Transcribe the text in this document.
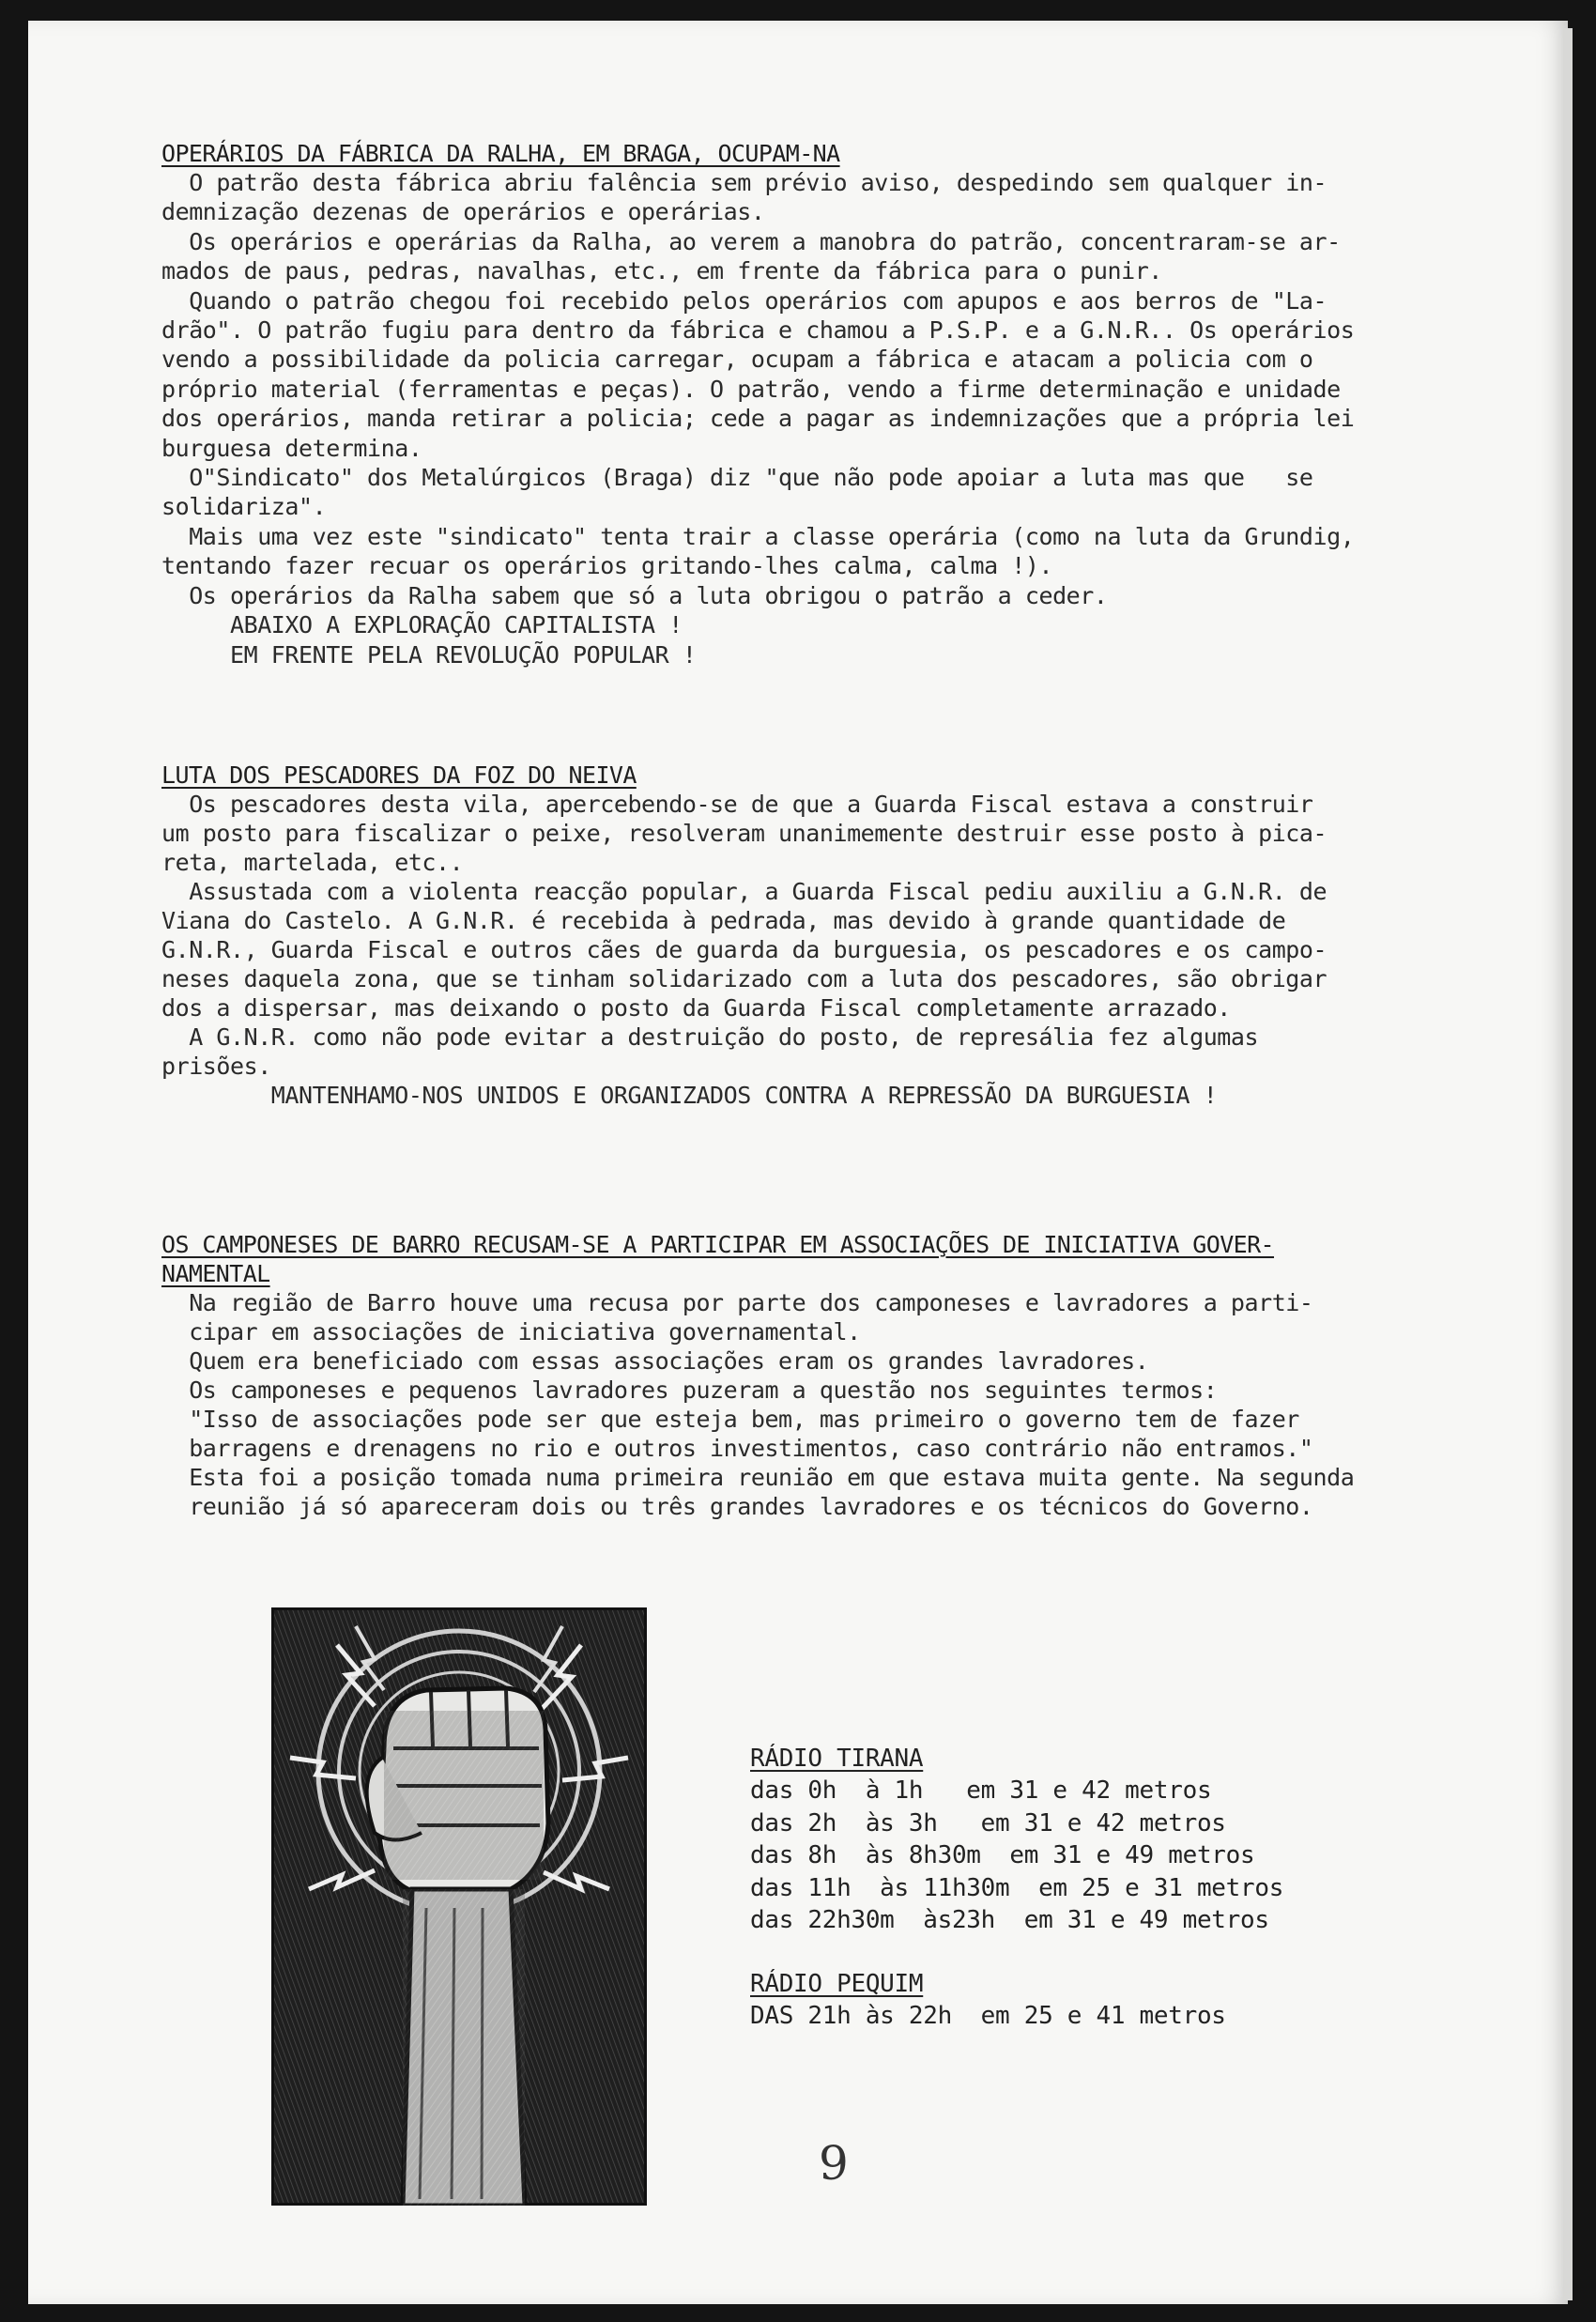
OPERÁRIOS DA FÁBRICA DA RALHA, EM BRAGA, OCUPAM-NA
O patrão desta fábrica abriu falência sem prévio aviso, despedindo sem qualquer in-
demnização dezenas de operários e operárias.
Os operários e operárias da Ralha, ao verem a manobra do patrão, concentraram-se ar-
mados de paus, pedras, navalhas, etc., em frente da fábrica para o punir.
Quando o patrão chegou foi recebido pelos operários com apupos e aos berros de "La-
drão". O patrão fugiu para dentro da fábrica e chamou a P.S.P. e a G.N.R.. Os operários
vendo a possibilidade da policia carregar, ocupam a fábrica e atacam a policia com o
próprio material (ferramentas e peças). O patrão, vendo a firme determinação e unidade
dos operários, manda retirar a policia; cede a pagar as indemnizações que a própria lei
burguesa determina.
O"Sindicato" dos Metalúrgicos (Braga) diz "que não pode apoiar a luta mas que   se
solidariza".
Mais uma vez este "sindicato" tenta trair a classe operária (como na luta da Grundig,
tentando fazer recuar os operários gritando-lhes calma, calma !).
Os operários da Ralha sabem que só a luta obrigou o patrão a ceder.
ABAIXO A EXPLORAÇÃO CAPITALISTA !
EM FRENTE PELA REVOLUÇÃO POPULAR !
LUTA DOS PESCADORES DA FOZ DO NEIVA
Os pescadores desta vila, apercebendo-se de que a Guarda Fiscal estava a construir
um posto para fiscalizar o peixe, resolveram unanimemente destruir esse posto à pica-
reta, martelada, etc..
Assustada com a violenta reacção popular, a Guarda Fiscal pediu auxiliu a G.N.R. de
Viana do Castelo. A G.N.R. é recebida à pedrada, mas devido à grande quantidade de
G.N.R., Guarda Fiscal e outros cães de guarda da burguesia, os pescadores e os campo-
neses daquela zona, que se tinham solidarizado com a luta dos pescadores, são obrigar
dos a dispersar, mas deixando o posto da Guarda Fiscal completamente arrazado.
A G.N.R. como não pode evitar a destruição do posto, de represália fez algumas
prisões.
MANTENHAMO-NOS UNIDOS E ORGANIZADOS CONTRA A REPRESSÃO DA BURGUESIA !
OS CAMPONESES DE BARRO RECUSAM-SE A PARTICIPAR EM ASSOCIAÇÕES DE INICIATIVA GOVER-
NAMENTAL
Na região de Barro houve uma recusa por parte dos camponeses e lavradores a parti-
cipar em associações de iniciativa governamental.
Quem era beneficiado com essas associações eram os grandes lavradores.
Os camponeses e pequenos lavradores puzeram a questão nos seguintes termos:
"Isso de associações pode ser que esteja bem, mas primeiro o governo tem de fazer
barragens e drenagens no rio e outros investimentos, caso contrário não entramos."
Esta foi a posição tomada numa primeira reunião em que estava muita gente. Na segunda
reunião já só apareceram dois ou três grandes lavradores e os técnicos do Governo.
RÁDIO TIRANA
das 0h  à 1h   em 31 e 42 metros
das 2h  às 3h   em 31 e 42 metros
das 8h  às 8h30m  em 31 e 49 metros
das 11h  às 11h30m  em 25 e 31 metros
das 22h30m  às23h  em 31 e 49 metros
RÁDIO PEQUIM
DAS 21h às 22h  em 25 e 41 metros
9
